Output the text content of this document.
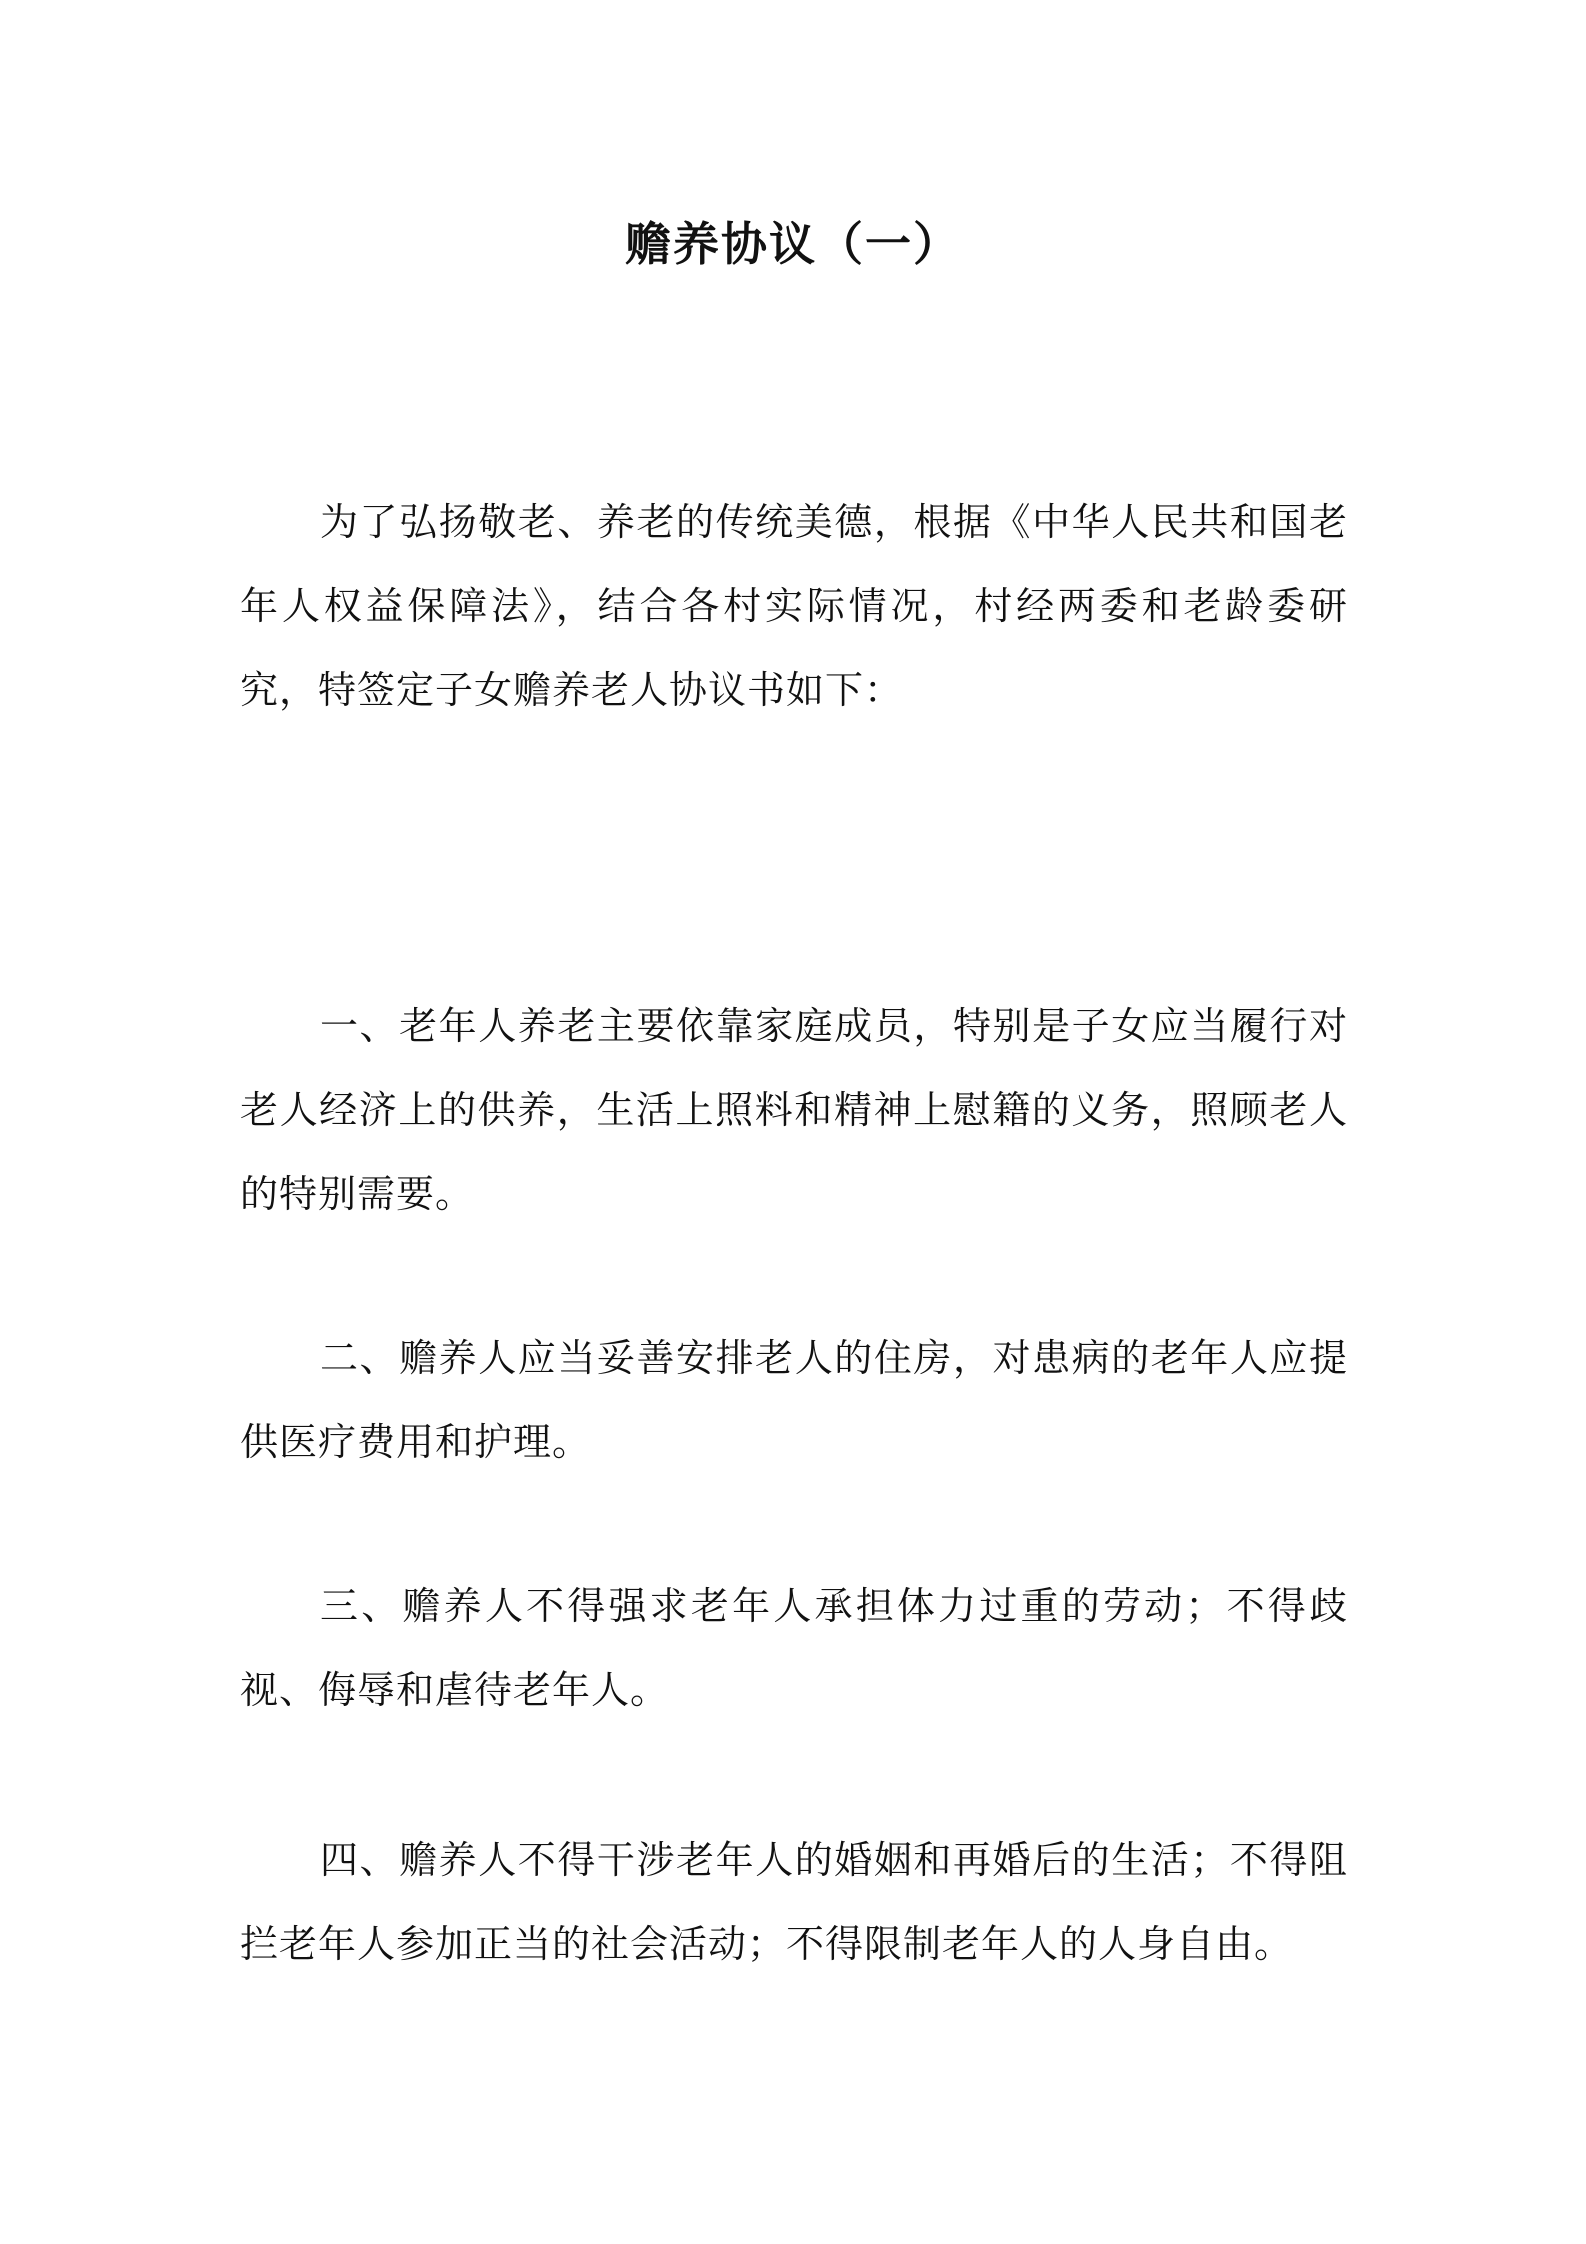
赡养协议（一）

为了弘扬敬老、养老的传统美德，根据《中华人民共和国老年人权益保障法》，结合各村实际情况，村经两委和老龄委研究，特签定子女赡养老人协议书如下：

一、老年人养老主要依靠家庭成员，特别是子女应当履行对老人经济上的供养，生活上照料和精神上慰籍的义务，照顾老人的特别需要。

二、赡养人应当妥善安排老人的住房，对患病的老年人应提供医疗费用和护理。

三、赡养人不得强求老年人承担体力过重的劳动；不得歧视、侮辱和虐待老年人。

四、赡养人不得干涉老年人的婚姻和再婚后的生活；不得阻拦老年人参加正当的社会活动；不得限制老年人的人身自由。
